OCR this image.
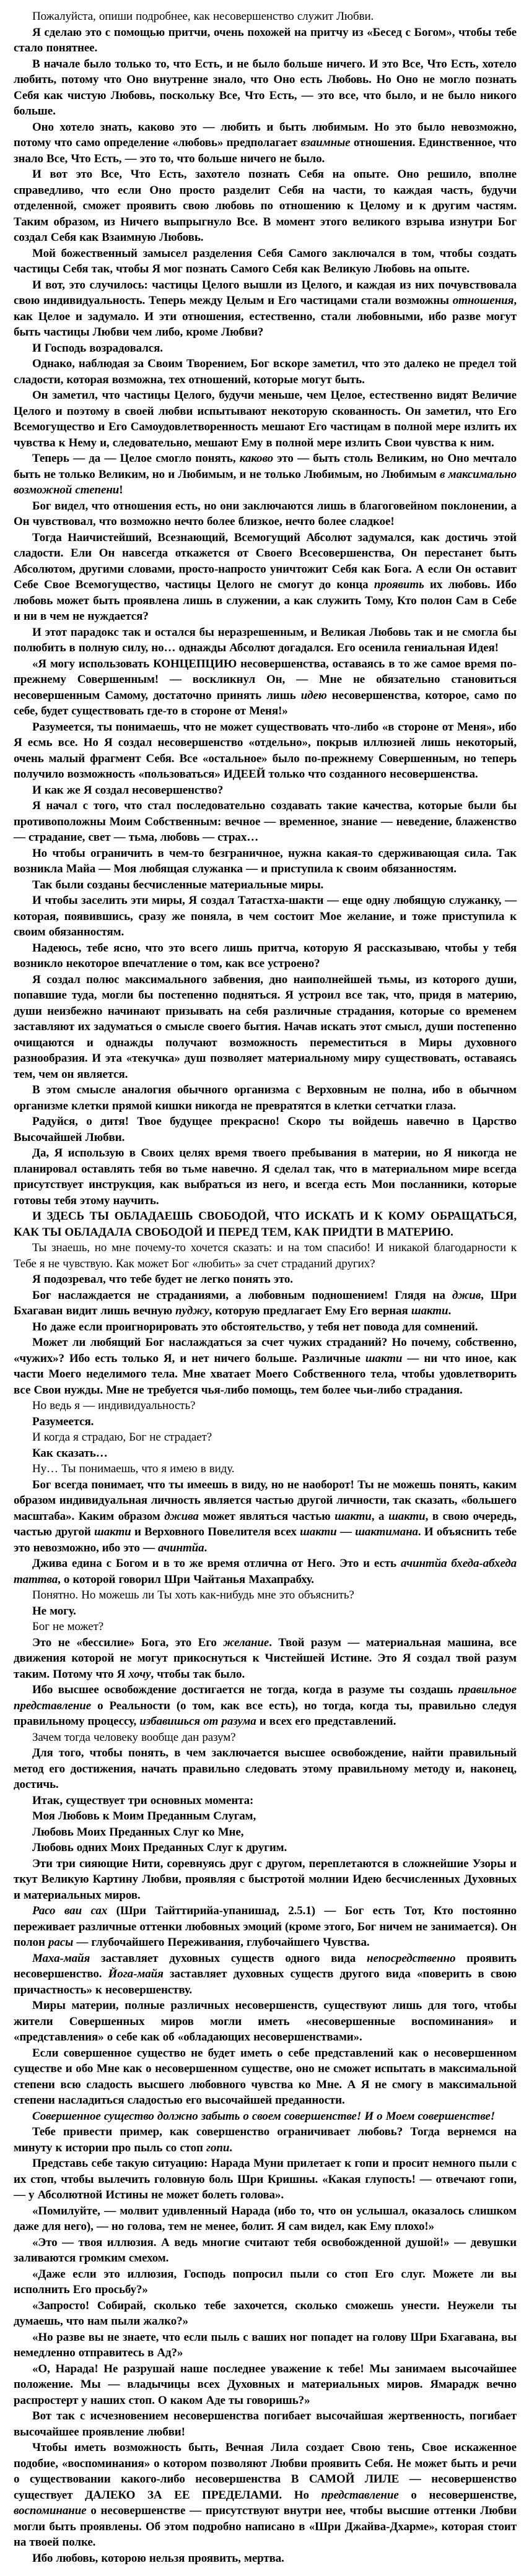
Пожалуйста, опиши подробнее, как несовершенство служит Любви.

Я сделаю это с помощью притчи, очень похожей на притчу из «Бесед с Богом», чтобы тебе стало понятнее.

В начале было только то, что Есть, и не было больше ничего. И это Все, Что Есть, хотело любить, потому что Оно внутренне знало, что Оно есть Любовь. Но Оно не могло познать Себя как чистую Любовь, поскольку Все, Что Есть, — это все, что было, и не было никого больше.

Оно хотело знать, каково это — любить и быть любимым. Но это было невозможно, потому что само определение «любовь» предполагает взаимные отношения. Единственное, что знало Все, Что Есть, — это то, что больше ничего не было.

И вот это Все, Что Есть, захотело познать Себя на опыте. Оно решило, вполне справедливо, что если Оно просто разделит Себя на части, то каждая часть, будучи отделенной, сможет проявить свою любовь по отношению к Целому и к другим частям. Таким образом, из Ничего выпрыгнуло Все. В момент этого великого взрыва изнутри Бог создал Себя как Взаимную Любовь.

Мой божественный замысел разделения Себя Самого заключался в том, чтобы создать частицы Себя так, чтобы Я мог познать Самого Себя как Великую Любовь на опыте.

И вот, это случилось: частицы Целого вышли из Целого, и каждая из них почувствовала свою индивидуальность. Теперь между Целым и Его частицами стали возможны отношения, как Целое и задумало. И эти отношения, естественно, стали любовными, ибо разве могут быть частицы Любви чем либо, кроме Любви?

И Господь возрадовался.

Однако, наблюдая за Своим Творением, Бог вскоре заметил, что это далеко не предел той сладости, которая возможна, тех отношений, которые могут быть.

Он заметил, что частицы Целого, будучи меньше, чем Целое, естественно видят Величие Целого и поэтому в своей любви испытывают некоторую скованность. Он заметил, что Его Всемогущество и Его Самоудовлетворенность мешают Его частицам в полной мере излить их чувства к Нему и, следовательно, мешают Ему в полной мере излить Свои чувства к ним.

Теперь — да — Целое смогло понять, каково это — быть столь Великим, но Оно мечтало быть не только Великим, но и Любимым, и не только Любимым, но Любимым в максимально возможной степени!

Бог видел, что отношения есть, но они заключаются лишь в благоговейном поклонении, а Он чувствовал, что возможно нечто более близкое, нечто более сладкое!

Тогда Наичистейший, Всезнающий, Всемогущий Абсолют задумался, как достичь этой сладости. Ели Он навсегда откажется от Своего Всесовершенства, Он перестанет быть Абсолютом, другими словами, просто-напросто уничтожит Себя как Бога. А если Он оставит Себе Свое Всемогущество, частицы Целого не смогут до конца проявить их любовь. Ибо любовь может быть проявлена лишь в служении, а как служить Тому, Кто полон Сам в Себе и ни в чем не нуждается?

И этот парадокс так и остался бы неразрешенным, и Великая Любовь так и не смогла бы полюбить в полную силу, но… однажды Абсолют догадался. Его осенила гениальная Идея!

«Я могу использовать КОНЦЕПЦИЮ несовершенства, оставаясь в то же самое время по-прежнему Совершенным! — воскликнул Он, — Мне не обязательно становиться несовершенным Самому, достаточно принять лишь идею несовершенства, которое, само по себе, будет существовать где-то в стороне от Меня!»

Разумеется, ты понимаешь, что не может существовать что-либо «в стороне от Меня», ибо Я есмь все. Но Я создал несовершенство «отдельно», покрыв иллюзией лишь некоторый, очень малый фрагмент Себя. Все «остальное» было по-прежнему Совершенным, но теперь получило возможность «пользоваться» ИДЕЕЙ только что созданного несовершенства.

И как же Я создал несовершенство?

Я начал с того, что стал последовательно создавать такие качества, которые были бы противоположны Моим Собственным: вечное — временное, знание — неведение, блаженство — страдание, свет — тьма, любовь — страх…

Но чтобы ограничить в чем-то безграничное, нужна какая-то сдерживающая сила. Так возникла Майа — Моя любящая служанка — и приступила к своим обязанностям.

Так были созданы бесчисленные материальные миры.

И чтобы заселить эти миры, Я создал Татастха-шакти — еще одну любящую служанку, — которая, появившись, сразу же поняла, в чем состоит Мое желание, и тоже приступила к своим обязанностям.

Надеюсь, тебе ясно, что это всего лишь притча, которую Я рассказываю, чтобы у тебя возникло некоторое впечатление о том, как все устроено?

Я создал полюс максимального забвения, дно наиполнейшей тьмы, из которого души, попавшие туда, могли бы постепенно подняться. Я устроил все так, что, придя в материю, души неизбежно начинают призывать на себя различные страдания, которые со временем заставляют их задуматься о смысле своего бытия. Начав искать этот смысл, души постепенно очищаются и однажды получают возможность переместиться в Миры духовного разнообразия. И эта «текучка» душ позволяет материальному миру существовать, оставаясь тем, чем он является.

В этом смысле аналогия обычного организма с Верховным не полна, ибо в обычном организме клетки прямой кишки никогда не превратятся в клетки сетчатки глаза.

Радуйся, о дитя! Твое будущее прекрасно! Скоро ты войдешь навечно в Царство Высочайшей Любви.

Да, Я использую в Своих целях время твоего пребывания в материи, но Я никогда не планировал оставлять тебя во тьме навечно. Я сделал так, что в материальном мире всегда присутствует инструкция, как выбраться из него, и всегда есть Мои посланники, которые готовы тебя этому научить.

И ЗДЕСЬ ТЫ ОБЛАДАЕШЬ СВОБОДОЙ, ЧТО ИСКАТЬ И К КОМУ ОБРАЩАТЬСЯ, КАК ТЫ ОБЛАДАЛА СВОБОДОЙ И ПЕРЕД ТЕМ, КАК ПРИДТИ В МАТЕРИЮ.

Ты знаешь, но мне почему-то хочется сказать: и на том спасибо! И никакой благодарности к Тебе я не чувствую. Как может Бог «любить» за счет страданий других?

Я подозревал, что тебе будет не легко понять это.

Бог наслаждается не страданиями, а любовным подношением! Глядя на джив, Шри Бхагаван видит лишь вечную пуджу, которую предлагает Ему Его верная шакти.

Но даже если проигнорировать это обстоятельство, у тебя нет повода для сомнений.

Может ли любящий Бог наслаждаться за счет чужих страданий? Но почему, собственно, «чужих»? Ибо есть только Я, и нет ничего больше. Различные шакти — ни что иное, как части Моего неделимого тела. Мне хватает Моего Собственного тела, чтобы удовлетворить все Свои нужды. Мне не требуется чья-либо помощь, тем более чьи-либо страдания.

Но ведь я — индивидуальность?

Разумеется.

И когда я страдаю, Бог не страдает?

Как сказать…

Ну… Ты понимаешь, что я имею в виду.

Бог всегда понимает, что ты имеешь в виду, но не наоборот! Ты не можешь понять, каким образом индивидуальная личность является частью другой личности, так сказать, «большего масштаба». Каким образом джива может являться частью шакти, а шакти, в свою очередь, частью другой шакти и Верховного Повелителя всех шакти — шактимана. И объяснить тебе это невозможно, ибо это — ачинтйа.

Джива едина с Богом и в то же время отлична от Него. Это и есть ачинтйа бхеда-абхеда таттва, о которой говорил Шри Чайтанья Махапрабху.

Понятно. Но можешь ли Ты хоть как-нибудь мне это объяснить?

Не могу.

Бог не может?

Это не «бессилие» Бога, это Его желание. Твой разум — материальная машина, все движения которой не могут прикоснуться к Чистейшей Истине. Это Я создал твой разум таким. Потому что Я хочу, чтобы так было.

Ибо высшее освобождение достигается не тогда, когда в разуме ты создашь правильное представление о Реальности (о том, как все есть), но тогда, когда ты, правильно следуя правильному процессу, избавишься от разума и всех его представлений.

Зачем тогда человеку вообще дан разум?

Для того, чтобы понять, в чем заключается высшее освобождение, найти правильный метод его достижения, начать правильно следовать этому правильному методу и, наконец, достичь.

Итак, существует три основных момента:

Моя Любовь к Моим Преданным Слугам,

Любовь Моих Преданных Слуг ко Мне,

Любовь одних Моих Преданных Слуг к другим.

Эти три сияющие Нити, соревнуясь друг с другом, переплетаются в сложнейшие Узоры и ткут Великую Картину Любви, проявляя с быстротой молнии Идею бесчисленных Духовных и материальных миров.

Расо ваи сах (Шри Тайттирийа-упанишад, 2.5.1) — Бог есть Тот, Кто постоянно переживает различные оттенки любовных эмоций (кроме этого, Бог ничем не занимается). Он полон расы — глубочайшего Переживания, глубочайшего Чувства.

Маха-майя заставляет духовных существ одного вида непосредственно проявить несовершенство. Йога-майя заставляет духовных существ другого вида «поверить в свою причастность» к несовершенству.

Миры материи, полные различных несовершенств, существуют лишь для того, чтобы жители Совершенных миров могли иметь «несовершенные воспоминания» и «представления» о себе как об «обладающих несовершенствами».

Если совершенное существо не будет иметь о себе представлений как о несовершенном существе и обо Мне как о несовершенном существе, оно не сможет испытать в максимальной степени всю сладость высшего любовного чувства ко Мне. А Я не смогу в максимальной степени насладиться сладостью его высочайшей преданности.

Совершенное существо должно забыть о своем совершенстве! И о Моем совершенстве!

Тебе привести пример, как совершенство ограничивает любовь? Тогда вернемся на минуту к истории про пыль со стоп гопи.

Представь себе такую ситуацию: Нарада Муни прилетает к гопи и просит немного пыли с их стоп, чтобы вылечить головную боль Шри Кришны. «Какая глупость! — отвечают гопи, — у Абсолютной Истины не может болеть голова».

«Помилуйте, — молвит удивленный Нарада (ибо то, что он услышал, оказалось слишком даже для него), — но голова, тем не менее, болит. Я сам видел, как Ему плохо!»

«Это — твоя иллюзия. А ведь многие считают тебя освобожденной душой!» — девушки заливаются громким смехом.

«Даже если это иллюзия, Господь попросил пыли со стоп Его слуг. Можете ли вы исполнить Его просьбу?»

«Запросто! Собирай, сколько тебе захочется, сколько сможешь унести. Неужели ты думаешь, что нам пыли жалко?»

«Но разве вы не знаете, что если пыль с ваших ног попадет на голову Шри Бхагавана, вы немедленно отправитесь в Ад?»

«О, Нарада! Не разрушай наше последнее уважение к тебе! Мы занимаем высочайшее положение. Мы — владычицы всех Духовных и материальных миров. Ямарадж вечно распростерт у наших стоп. О каком Аде ты говоришь?»

Вот так с исчезновением несовершенства погибает высочайшая жертвенность, погибает высочайшее проявление любви!

Чтобы иметь возможность быть, Вечная Лила создает Свою тень, Свое искаженное подобие, «воспоминания» о котором позволяют Любви проявить Себя. Не может быть и речи о существовании какого-либо несовершенства В САМОЙ ЛИЛЕ — несовершенство существует ДАЛЕКО ЗА ЕЕ ПРЕДЕЛАМИ. Но представление о несовершенстве, воспоминание о несовершенстве — присутствуют внутри нее, чтобы высшие оттенки Любви могли быть проявлены. Об этом подробно написано в «Шри Джайва-Дхарме», которая стоит на твоей полке.

Ибо любовь, которою нельзя проявить, мертва.
